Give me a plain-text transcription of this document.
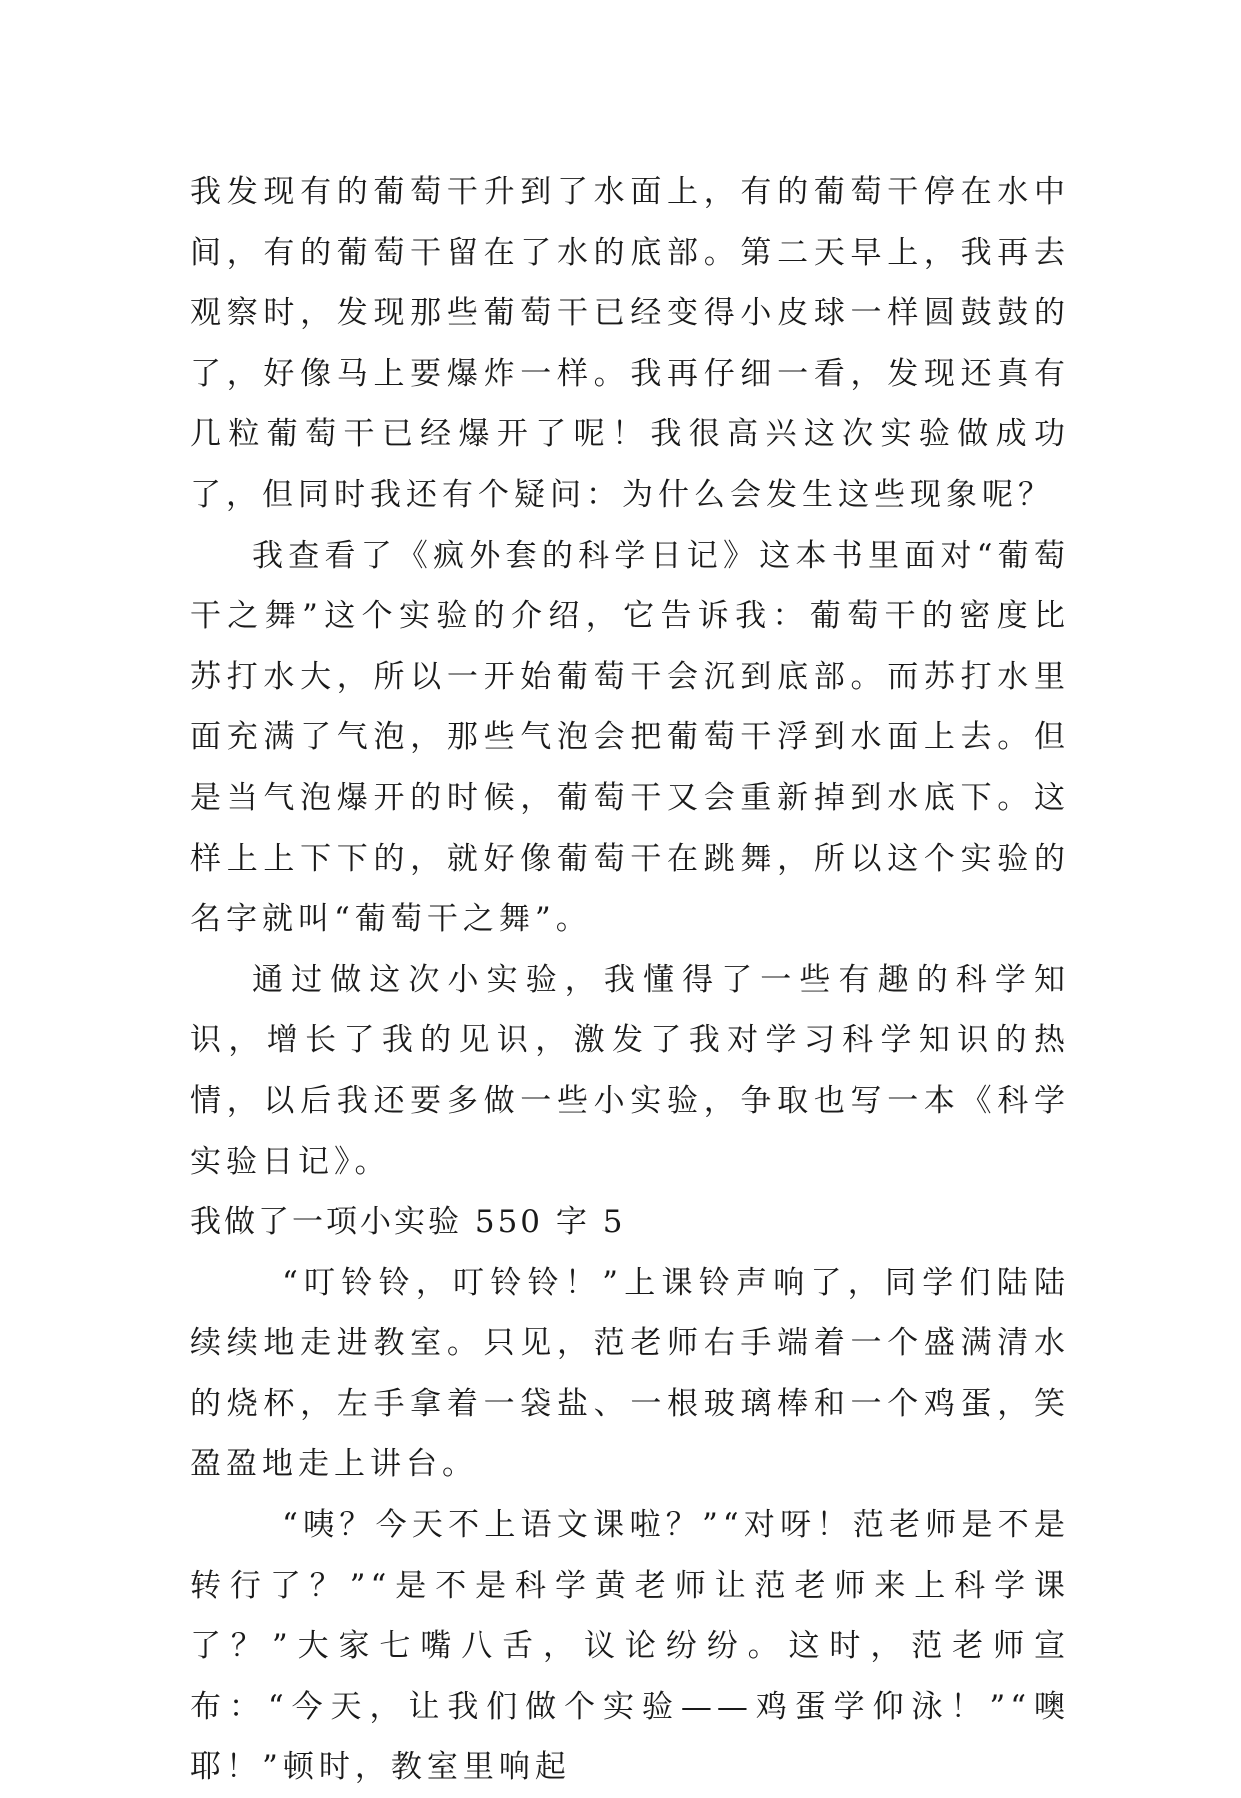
我发现有的葡萄干升到了水面上，有的葡萄干停在水中间，有的葡萄干留在了水的底部。第二天早上，我再去观察时，发现那些葡萄干已经变得小皮球一样圆鼓鼓的了，好像马上要爆炸一样。我再仔细一看，发现还真有几粒葡萄干已经爆开了呢！我很高兴这次实验做成功了，但同时我还有个疑问：为什么会发生这些现象呢？

我查看了《疯外套的科学日记》这本书里面对“葡萄干之舞”这个实验的介绍，它告诉我：葡萄干的密度比苏打水大，所以一开始葡萄干会沉到底部。而苏打水里面充满了气泡，那些气泡会把葡萄干浮到水面上去。但是当气泡爆开的时候，葡萄干又会重新掉到水底下。这样上上下下的，就好像葡萄干在跳舞，所以这个实验的名字就叫“葡萄干之舞”。

通过做这次小实验，我懂得了一些有趣的科学知识，增长了我的见识，激发了我对学习科学知识的热情，以后我还要多做一些小实验，争取也写一本《科学实验日记》。

我做了一项小实验 550 字 5

“叮铃铃，叮铃铃！”上课铃声响了，同学们陆陆续续地走进教室。只见，范老师右手端着一个盛满清水的烧杯，左手拿着一袋盐、一根玻璃棒和一个鸡蛋，笑盈盈地走上讲台。

“咦？今天不上语文课啦？”“对呀！范老师是不是转行了？”“是不是科学黄老师让范老师来上科学课了？”大家七嘴八舌，议论纷纷。这时，范老师宣布：“今天，让我们做个实验——鸡蛋学仰泳！”“噢耶！”顿时，教室里响起
